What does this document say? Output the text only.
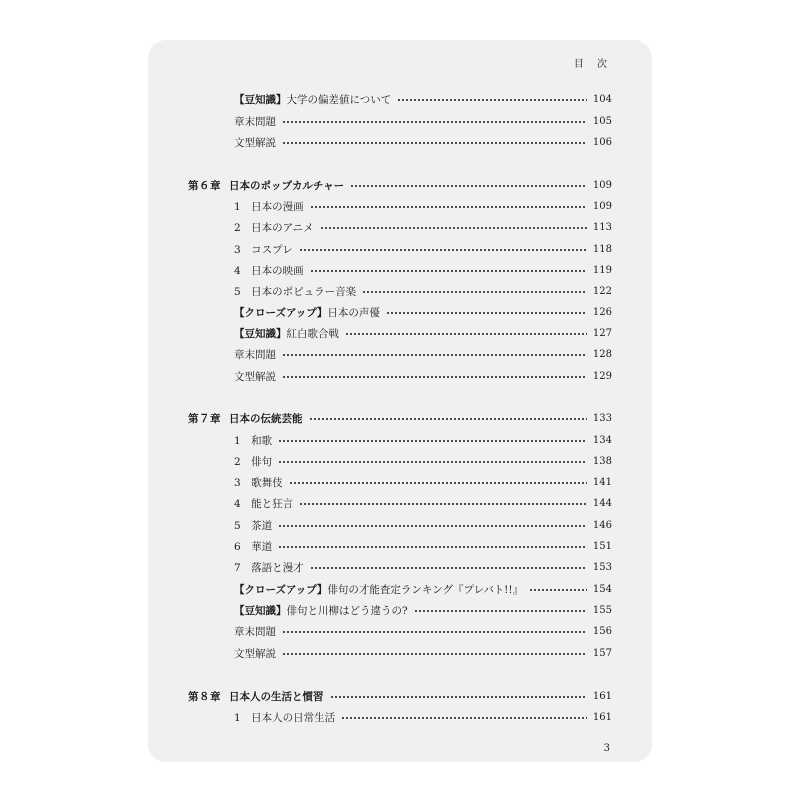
目 次
【豆知識】大学の偏差値について	104
章末問題	105
文型解説	106
第６章 日本のポップカルチャー	109
1　日本の漫画	109
2　日本のアニメ	113
3　コスプレ	118
4　日本の映画	119
5　日本のポピュラー音楽	122
【クローズアップ】日本の声優	126
【豆知識】紅白歌合戦	127
章末問題	128
文型解説	129
第７章 日本の伝統芸能	133
1　和歌	134
2　俳句	138
3　歌舞伎	141
4　能と狂言	144
5　茶道	146
6　華道	151
7　落語と漫才	153
【クローズアップ】俳句の才能査定ランキング『プレバト!!』	154
【豆知識】俳句と川柳はどう違うの?	155
章末問題	156
文型解説	157
第８章 日本人の生活と慣習	161
1　日本人の日常生活	161
3
